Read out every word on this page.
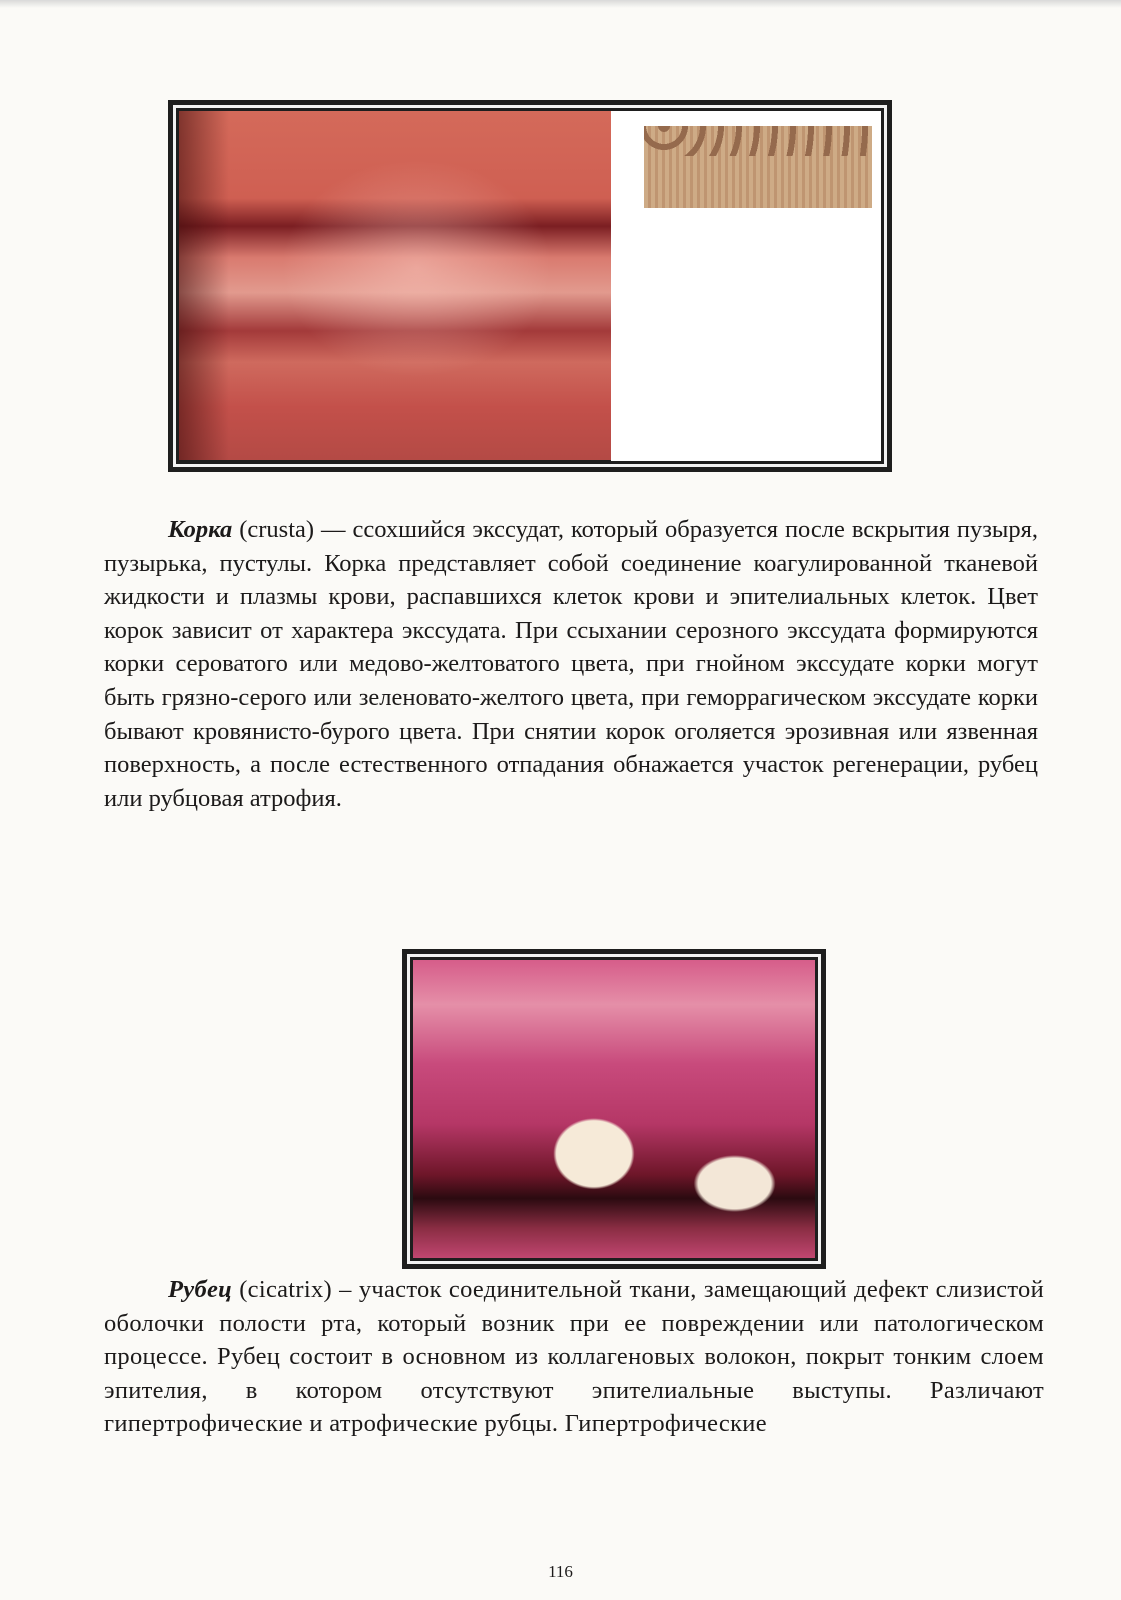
Корка (crusta) — ссохшийся экссудат, который образуется после вскрытия пузыря, пузырька, пустулы. Корка представляет собой соединение коагулированной тканевой жидкости и плазмы крови, распавшихся клеток крови и эпителиальных клеток. Цвет корок зависит от характера экссудата. При ссыхании серозного экссудата формируются корки сероватого или медово-желтоватого цвета, при гнойном экссудате корки могут быть грязно-серого или зеленовато-желтого цвета, при геморрагическом экссудате корки бывают кровянисто-бурого цвета. При снятии корок оголяется эрозивная или язвенная поверхность, а после естественного отпадания обнажается участок регенерации, рубец или рубцовая атрофия.

Рубец (cicatrix) – участок соединительной ткани, замещающий дефект слизистой оболочки полости рта, который возник при ее повреждении или патологическом процессе. Рубец состоит в основном из коллагеновых волокон, покрыт тонким слоем эпителия, в котором отсутствуют эпителиальные выступы. Различают гипертрофические и атрофические рубцы. Гипертрофические

116
